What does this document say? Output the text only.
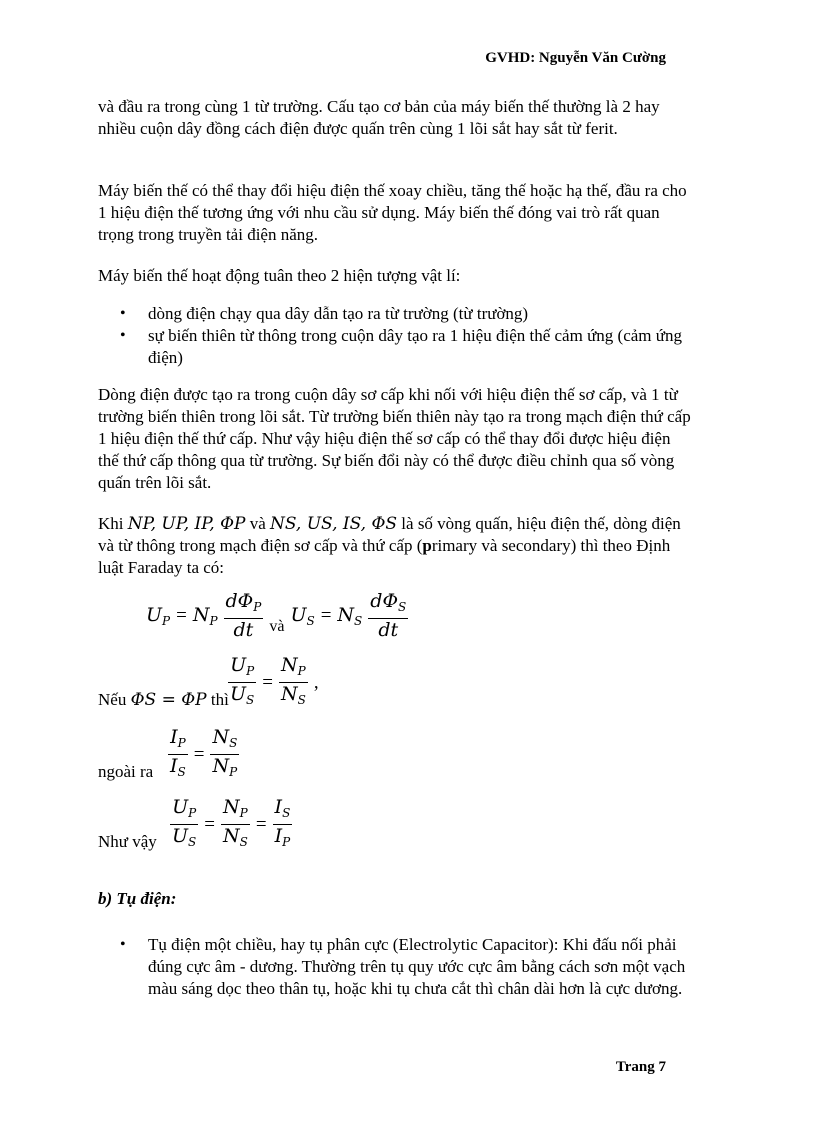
GVHD: Nguyễn Văn Cường

và đầu ra trong cùng 1 từ trường. Cấu tạo cơ bản của máy biến thế thường là 2 hay nhiều cuộn dây đồng cách điện được quấn trên cùng 1 lõi sắt hay sắt từ ferit.

Máy biến thế có thể thay đổi hiệu điện thế xoay chiều, tăng thế hoặc hạ thế, đầu ra cho 1 hiệu điện thế tương ứng với nhu cầu sử dụng. Máy biến thế đóng vai trò rất quan trọng trong truyền tải điện năng.

Máy biến thế hoạt động tuân theo 2 hiện tượng vật lí:

• dòng điện chạy qua dây dẫn tạo ra từ trường (từ trường)
• sự biến thiên từ thông trong cuộn dây tạo ra 1 hiệu điện thế cảm ứng (cảm ứng điện)

Dòng điện được tạo ra trong cuộn dây sơ cấp khi nối với hiệu điện thế sơ cấp, và 1 từ trường biến thiên trong lõi sắt. Từ trường biến thiên này tạo ra trong mạch điện thứ cấp 1 hiệu điện thế thứ cấp. Như vậy hiệu điện thế sơ cấp có thể thay đổi được hiệu điện thế thứ cấp thông qua từ trường. Sự biến đổi này có thể được điều chỉnh qua số vòng quấn trên lõi sắt.

Khi NP, UP, IP, ΦP và NS, US, IS, ΦS là số vòng quấn, hiệu điện thế, dòng điện và từ thông trong mạch điện sơ cấp và thứ cấp (primary và secondary) thì theo Định luật Faraday ta có:

$U_P = N_P \frac{d\Phi_P}{dt}$ và
$U_S = N_S \frac{d\Phi_S}{dt}$
Nếu ΦS = ΦP thì $\frac{U_P}{U_S} = \frac{N_P}{N_S}$ ,
ngoài ra $\frac{I_P}{I_S} = \frac{N_S}{N_P}$
Như vậy $\frac{U_P}{U_S} = \frac{N_P}{N_S} = \frac{I_S}{I_P}$
b) Tụ điện:
• Tụ điện một chiều, hay tụ phân cực (Electrolytic Capacitor): Khi đấu nối phải đúng cực âm - dương. Thường trên tụ quy ước cực âm bằng cách sơn một vạch màu sáng dọc theo thân tụ, hoặc khi tụ chưa cắt thì chân dài hơn là cực dương.
Trang 7
